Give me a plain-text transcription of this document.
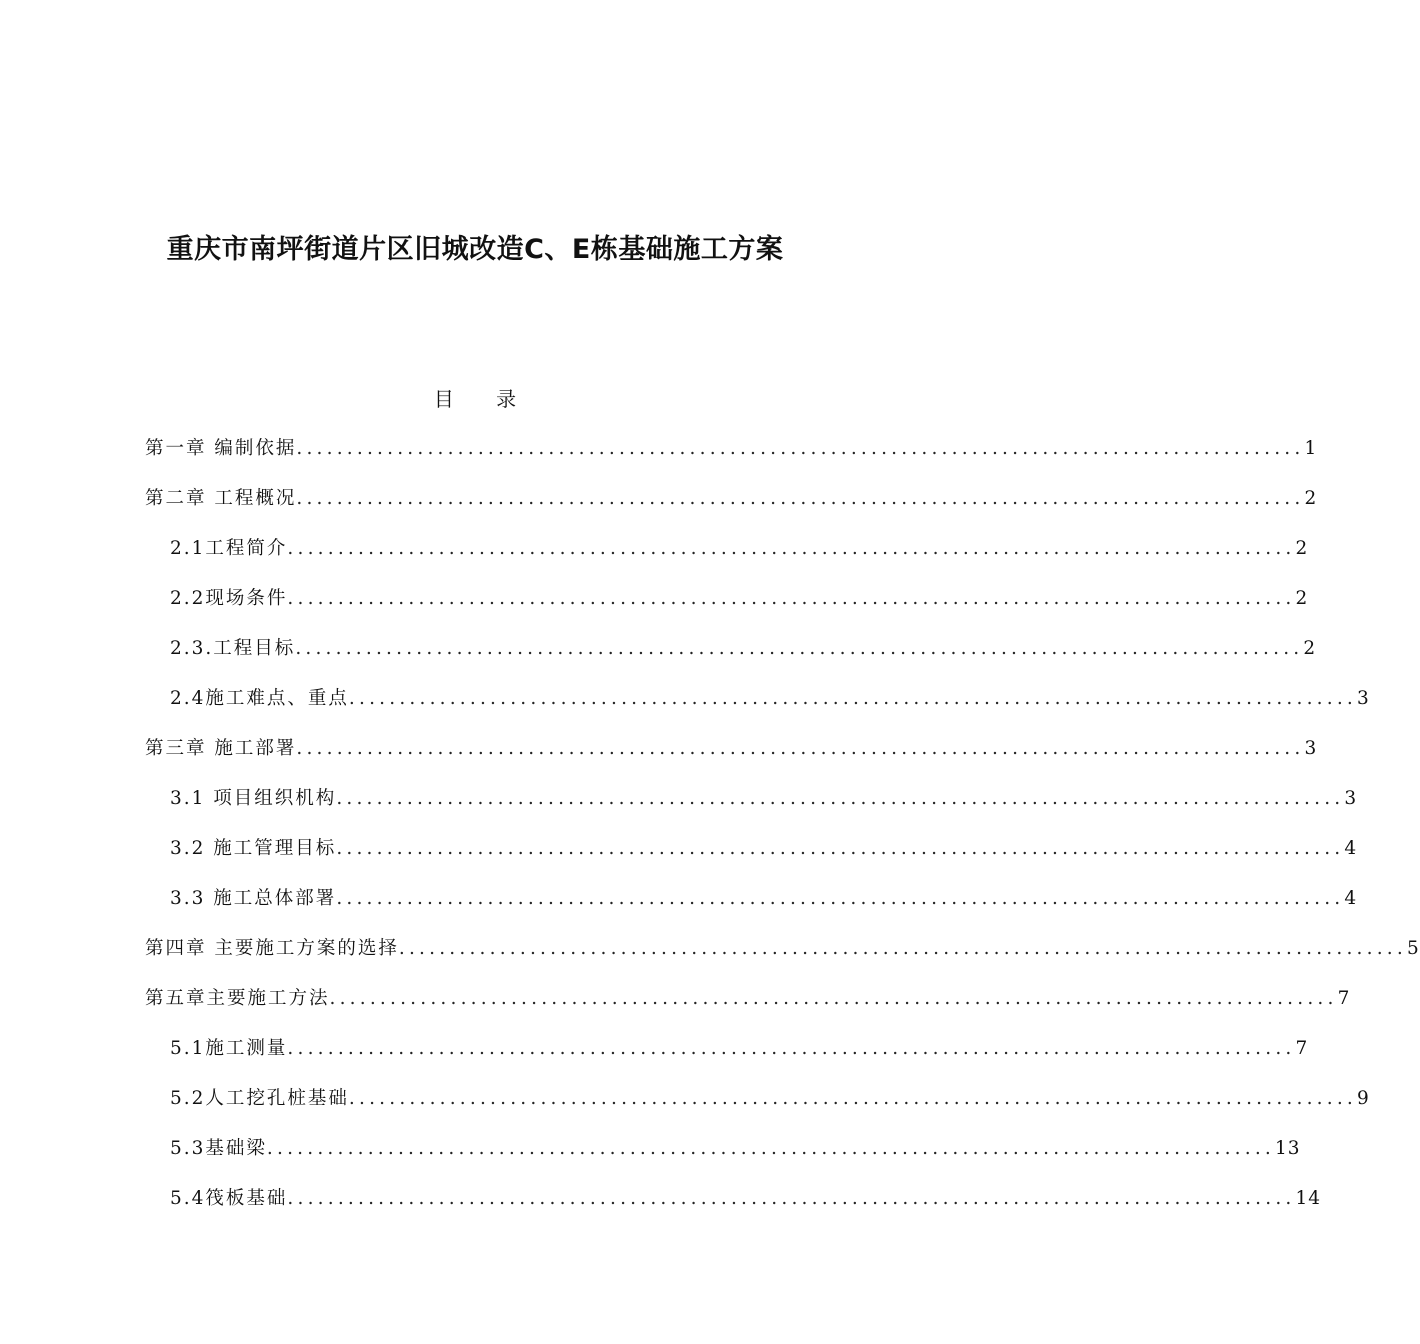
重庆市南坪街道片区旧城改造C、E栋基础施工方案
目 录
第一章 编制依据 .................................................................................................... 1
第二章 工程概况 .................................................................................................... 2
2.1工程简介 .................................................................................................... 2
2.2现场条件 .................................................................................................... 2
2.3.工程目标 .................................................................................................... 2
2.4施工难点、重点 .................................................................................................... 3
第三章 施工部署 .................................................................................................... 3
3.1 项目组织机构 .................................................................................................... 3
3.2 施工管理目标 .................................................................................................... 4
3.3 施工总体部署 .................................................................................................... 4
第四章 主要施工方案的选择 .................................................................................................... 5
第五章主要施工方法 .................................................................................................... 7
5.1施工测量 .................................................................................................... 7
5.2人工挖孔桩基础 .................................................................................................... 9
5.3基础梁 .................................................................................................... 13
5.4筏板基础 .................................................................................................... 14
